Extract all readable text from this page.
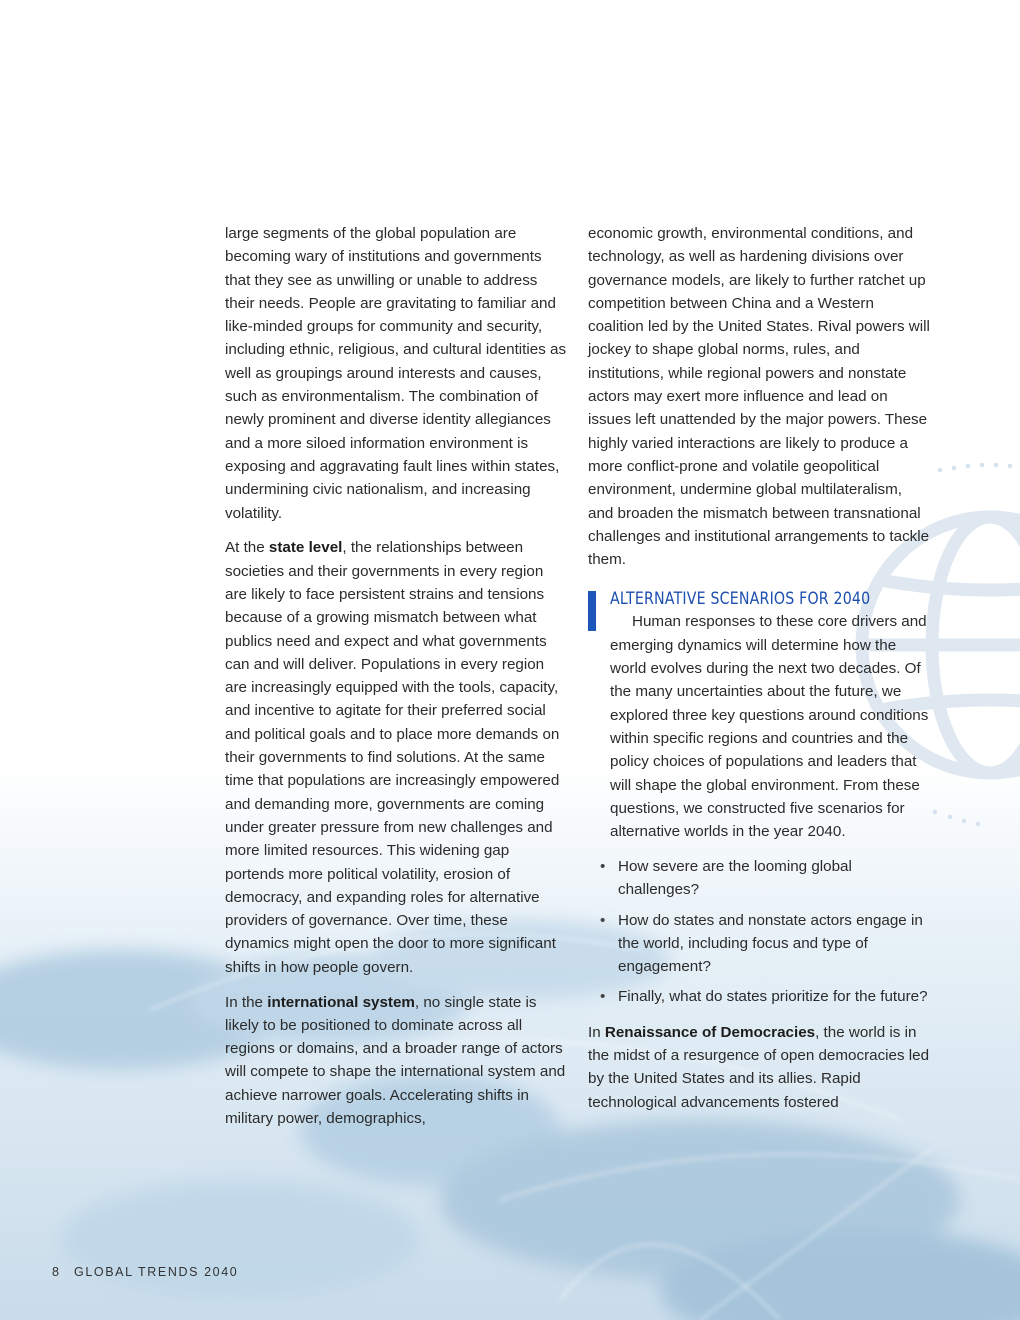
large segments of the global population are becoming wary of institutions and governments that they see as unwilling or unable to address their needs. People are gravitating to familiar and like-minded groups for community and security, including ethnic, religious, and cultural identities as well as groupings around interests and causes, such as environmentalism. The combination of newly prominent and diverse identity allegiances and a more siloed information environment is exposing and aggravating fault lines within states, undermining civic nationalism, and increasing volatility.

At the state level, the relationships between societies and their governments in every region are likely to face persistent strains and tensions because of a growing mismatch between what publics need and expect and what governments can and will deliver. Populations in every region are increasingly equipped with the tools, capacity, and incentive to agitate for their preferred social and political goals and to place more demands on their governments to find solutions. At the same time that populations are increasingly empowered and demanding more, governments are coming under greater pressure from new challenges and more limited resources. This widening gap portends more political volatility, erosion of democracy, and expanding roles for alternative providers of governance. Over time, these dynamics might open the door to more significant shifts in how people govern.

In the international system, no single state is likely to be positioned to dominate across all regions or domains, and a broader range of actors will compete to shape the international system and achieve narrower goals. Accelerating shifts in military power, demographics,

economic growth, environmental conditions, and technology, as well as hardening divisions over governance models, are likely to further ratchet up competition between China and a Western coalition led by the United States. Rival powers will jockey to shape global norms, rules, and institutions, while regional powers and nonstate actors may exert more influence and lead on issues left unattended by the major powers. These highly varied interactions are likely to produce a more conflict-prone and volatile geopolitical environment, undermine global multilateralism, and broaden the mismatch between transnational challenges and institutional arrangements to tackle them.

ALTERNATIVE SCENARIOS FOR 2040

Human responses to these core drivers and emerging dynamics will determine how the world evolves during the next two decades. Of the many uncertainties about the future, we explored three key questions around conditions within specific regions and countries and the policy choices of populations and leaders that will shape the global environment. From these questions, we constructed five scenarios for alternative worlds in the year 2040.

• How severe are the looming global challenges?
• How do states and nonstate actors engage in the world, including focus and type of engagement?
• Finally, what do states prioritize for the future?

In Renaissance of Democracies, the world is in the midst of a resurgence of open democracies led by the United States and its allies. Rapid technological advancements fostered

8 GLOBAL TRENDS 2040
